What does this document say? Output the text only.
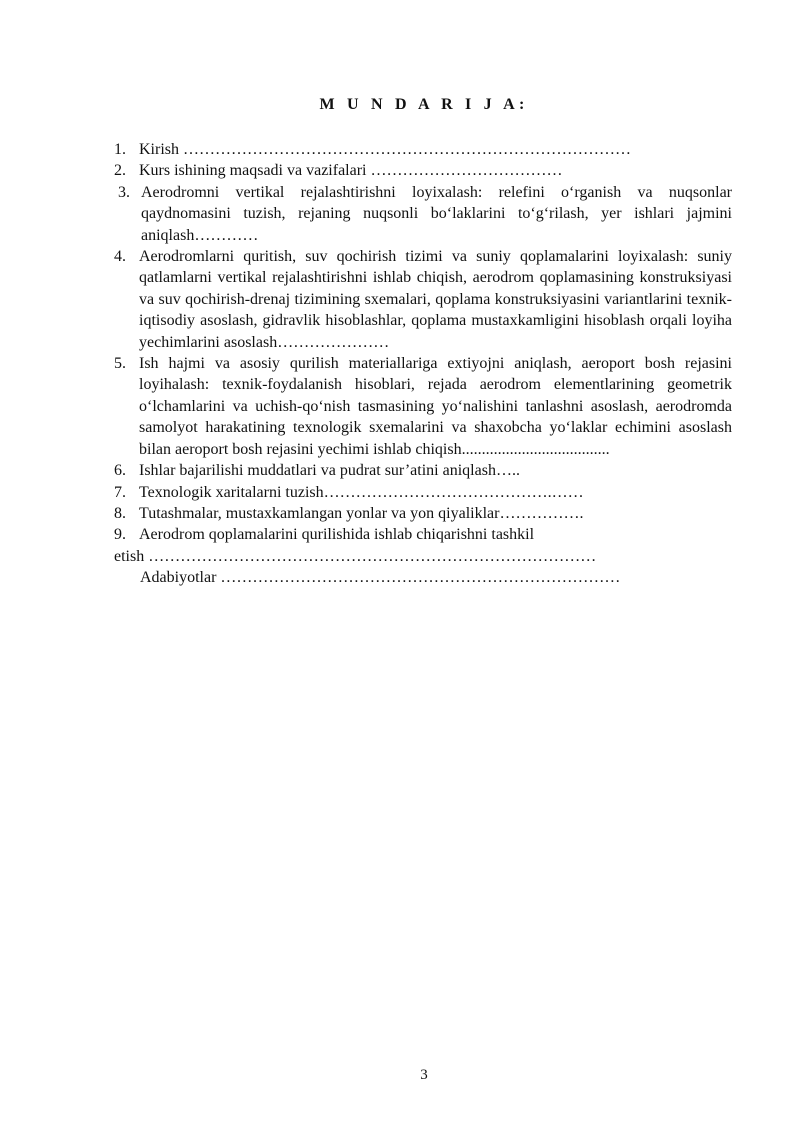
M U N D A R I J A:
1. Kirish …………………………………………………………………………
2. Kurs ishining maqsadi va vazifalari ………………………………
3. Aerodromni vertikal rejalashtirishni loyixalash: relefini o‘rganish va nuqsonlar qaydnomasini tuzish, rejaning nuqsonli bo‘laklarini to‘g‘rilash, yer ishlari jajmini aniqlash…………
4. Aerodromlarni quritish, suv qochirish tizimi va suniy qoplamalarini loyixalash: suniy qatlamlarni vertikal rejalashtirishni ishlab chiqish, aerodrom qoplamasining konstruksiyasi va suv qochirish-drenaj tizimining sxemalari, qoplama konstruksiyasini variantlarini texnik-iqtisodiy asoslash, gidravlik hisoblashlar, qoplama mustaxkamligini hisoblash orqali loyiha yechimlarini asoslash…………………
5. Ish hajmi va asosiy qurilish materiallariga extiyojni aniqlash, aeroport bosh rejasini loyihalash: texnik-foydalanish hisoblari, rejada aerodrom elementlarining geometrik o‘lchamlarini va uchish-qo‘nish tasmasining yo‘nalishini tanlashni asoslash, aerodromda samolyot harakatining texnologik sxemalarini va shaxobcha yo‘laklar echimini asoslash bilan aeroport bosh rejasini yechimi ishlab chiqish.....................................
6. Ishlar bajarilishi muddatlari va pudrat sur’atini aniqlash…..
7. Texnologik xaritalarni tuzish…………………………………….……
8. Tutashmalar, mustaxkamlangan yonlar va yon qiyaliklar…………….
9. Aerodrom qoplamalarini qurilishida ishlab chiqarishni tashkil
etish …………………………………………………………………………
Adabiyotlar …………………………………………………………………
3
